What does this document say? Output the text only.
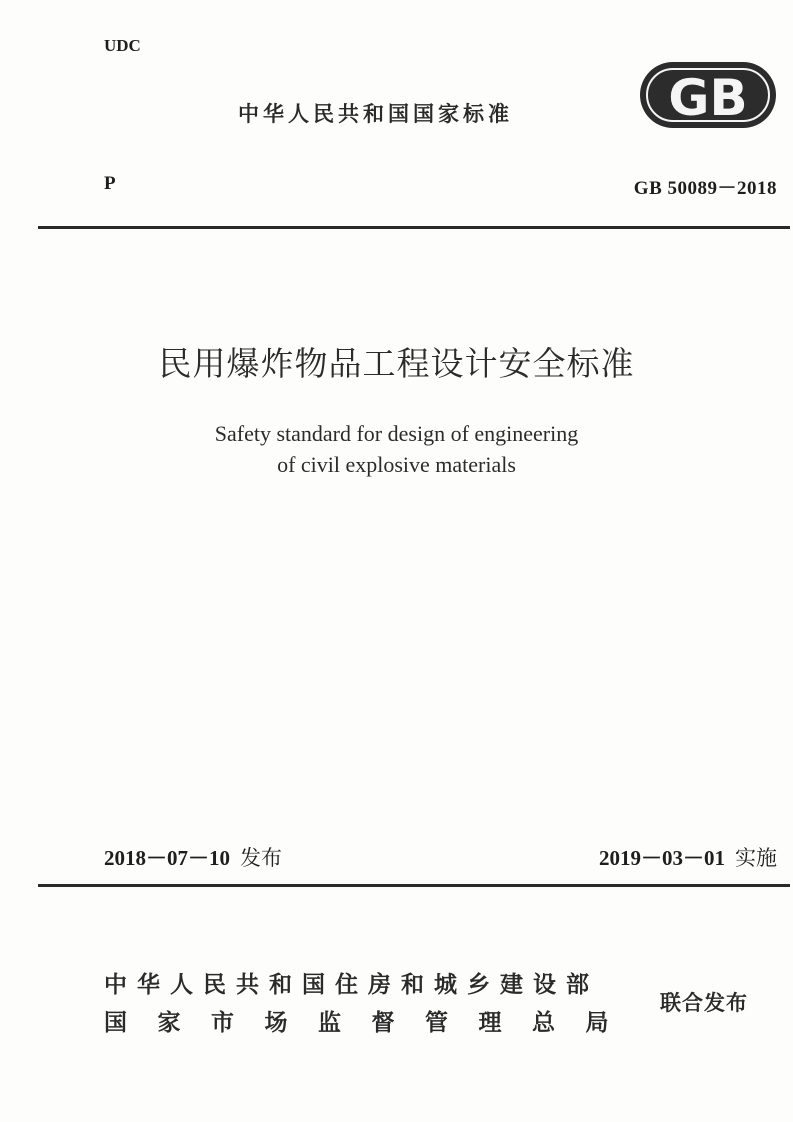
UDC
中华人民共和国国家标准	GB
P	GB 50089－2018
民用爆炸物品工程设计安全标准
Safety standard for design of engineering
of civil explosive materials
2018－07－10 发布	2019－03－01 实施
中华人民共和国住房和城乡建设部
国家市场监督管理总局
联合发布
